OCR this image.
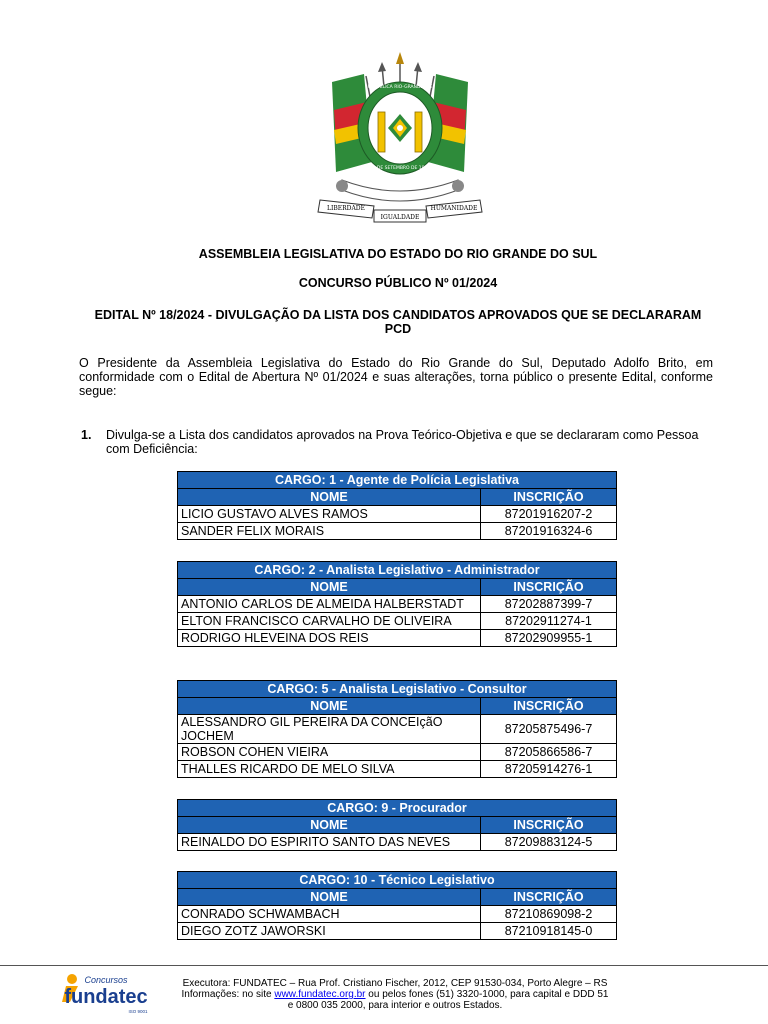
LIBERDADE
IGUALDADE
HUMANIDADE
REPÚBLICA RIO-GRANDENSE
20 DE SETEMBRO DE 1835
ASSEMBLEIA LEGISLATIVA DO ESTADO DO RIO GRANDE DO SUL
CONCURSO PÚBLICO Nº 01/2024
EDITAL Nº 18/2024 - DIVULGAÇÃO DA LISTA DOS CANDIDATOS APROVADOS QUE SE DECLARARAM
PCD
O Presidente da Assembleia Legislativa do Estado do Rio Grande do Sul, Deputado Adolfo Brito, em conformidade com o Edital de Abertura Nº 01/2024 e suas alterações, torna público o presente Edital, conforme segue:
1. Divulga-se a Lista dos candidatos aprovados na Prova Teórico-Objetiva e que se declararam como Pessoa com Deficiência:
CARGO: 1 - Agente de Polícia Legislativa	
NOME	INSCRIÇÃO
LICIO GUSTAVO ALVES RAMOS	87201916207-2
SANDER FELIX MORAIS	87201916324-6
CARGO: 2 - Analista Legislativo - Administrador	
NOME	INSCRIÇÃO
ANTONIO CARLOS DE ALMEIDA HALBERSTADT	87202887399-7
ELTON FRANCISCO CARVALHO DE OLIVEIRA	87202911274-1
RODRIGO HLEVEINA DOS REIS	87202909955-1
CARGO: 5 - Analista Legislativo - Consultor	
NOME	INSCRIÇÃO
ALESSANDRO GIL PEREIRA DA CONCEIçãO JOCHEM	87205875496-7
ROBSON COHEN VIEIRA	87205866586-7
THALLES RICARDO DE MELO SILVA	87205914276-1
CARGO: 9 - Procurador	
NOME	INSCRIÇÃO
REINALDO DO ESPIRITO SANTO DAS NEVES	87209883124-5
CARGO: 10 - Técnico Legislativo	
NOME	INSCRIÇÃO
CONRADO SCHWAMBACH	87210869098-2
DIEGO ZOTZ JAWORSKI	87210918145-0
Concursos
fundatec
ISO 9001
Executora: FUNDATEC – Rua Prof. Cristiano Fischer, 2012, CEP 91530-034, Porto Alegre – RS
Informações: no site www.fundatec.org.br ou pelos fones (51) 3320-1000, para capital e DDD 51
e 0800 035 2000, para interior e outros Estados.
